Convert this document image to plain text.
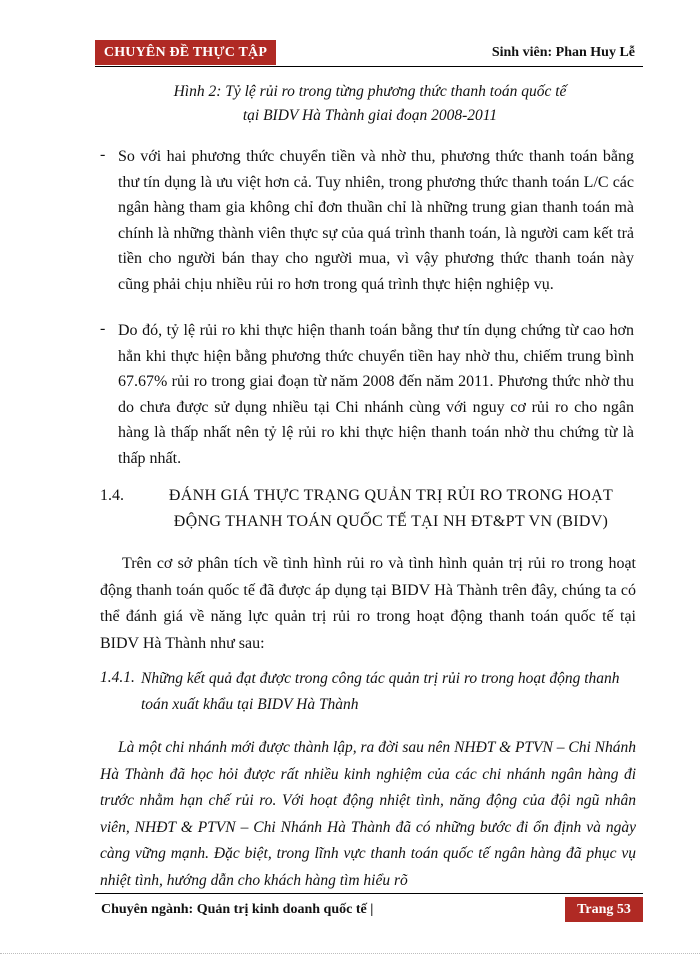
CHUYÊN ĐỀ THỰC TẬP	Sinh viên: Phan Huy Lễ
Hình 2: Tỷ lệ rủi ro trong từng phương thức thanh toán quốc tế
tại BIDV Hà Thành giai đoạn 2008-2011
- So với hai phương thức chuyển tiền và nhờ thu, phương thức thanh toán bằng thư tín dụng là ưu việt hơn cả. Tuy nhiên, trong phương thức thanh toán L/C các ngân hàng tham gia không chỉ đơn thuần chỉ là những trung gian thanh toán mà chính là những thành viên thực sự của quá trình thanh toán, là người cam kết trả tiền cho người bán thay cho người mua, vì vậy phương thức thanh toán này cũng phải chịu nhiều rủi ro hơn trong quá trình thực hiện nghiệp vụ.
- Do đó, tỷ lệ rủi ro khi thực hiện thanh toán bằng thư tín dụng chứng từ cao hơn hẳn khi thực hiện bằng phương thức chuyển tiền hay nhờ thu, chiếm trung bình 67.67% rủi ro trong giai đoạn từ năm 2008 đến năm 2011. Phương thức nhờ thu do chưa được sử dụng nhiều tại Chi nhánh cùng với nguy cơ rủi ro cho ngân hàng là thấp nhất nên tỷ lệ rủi ro khi thực hiện thanh toán nhờ thu chứng từ là thấp nhất.
1.4.	ĐÁNH GIÁ THỰC TRẠNG QUẢN TRỊ RỦI RO TRONG HOẠT
ĐỘNG THANH TOÁN QUỐC TẾ TẠI NH ĐT&PT VN (BIDV)
Trên cơ sở phân tích về tình hình rủi ro và tình hình quản trị rủi ro trong hoạt động thanh toán quốc tế đã được áp dụng tại BIDV Hà Thành trên đây, chúng ta có thể đánh giá về năng lực quản trị rủi ro trong hoạt động thanh toán quốc tế tại BIDV Hà Thành như sau:
1.4.1. Những kết quả đạt được trong công tác quản trị rủi ro trong hoạt động thanh toán xuất khẩu tại BIDV Hà Thành
Là một chi nhánh mới được thành lập, ra đời sau nên NHĐT & PTVN – Chi Nhánh Hà Thành đã học hỏi được rất nhiều kinh nghiệm của các chi nhánh ngân hàng đi trước nhằm hạn chế rủi ro. Với hoạt động nhiệt tình, năng động của đội ngũ nhân viên, NHĐT & PTVN – Chi Nhánh Hà Thành đã có những bước đi ổn định và ngày càng vững mạnh. Đặc biệt, trong lĩnh vực thanh toán quốc tế ngân hàng đã phục vụ nhiệt tình, hướng dẫn cho khách hàng tìm hiểu rõ
Chuyên ngành: Quản trị kinh doanh quốc tế |	Trang 53
